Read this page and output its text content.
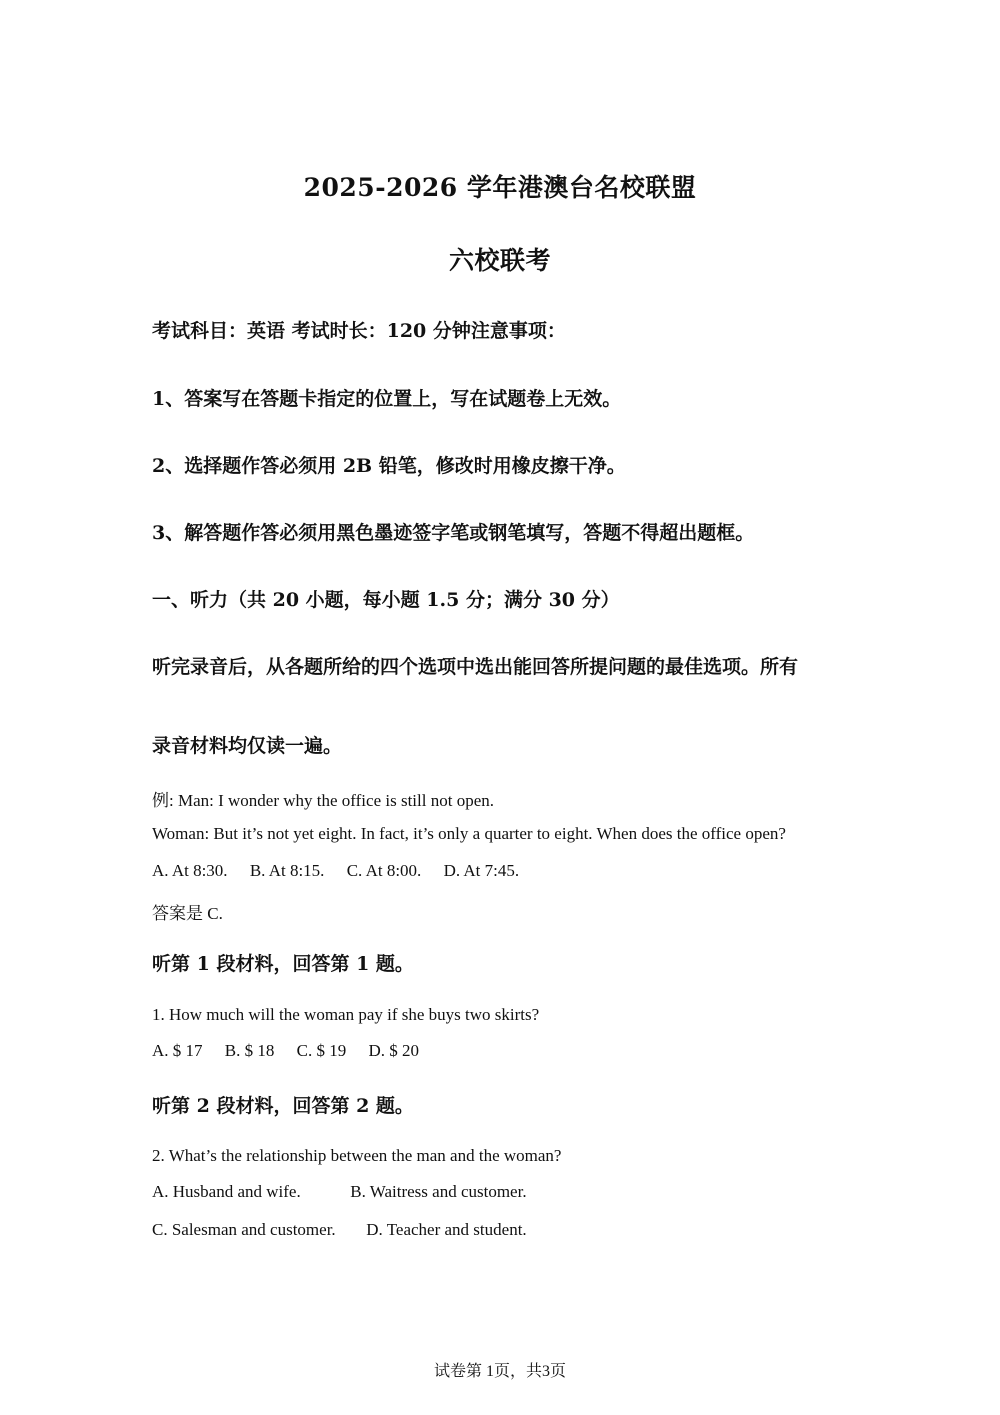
2025-2026 学年港澳台名校联盟
六校联考
考试科目：英语 考试时长：120 分钟注意事项：
1、答案写在答题卡指定的位置上，写在试题卷上无效。
2、选择题作答必须用 2B 铅笔，修改时用橡皮擦干净。
3、解答题作答必须用黑色墨迹签字笔或钢笔填写，答题不得超出题框。
一、听力（共 20 小题，每小题 1.5 分；满分 30 分）
听完录音后，从各题所给的四个选项中选出能回答所提问题的最佳选项。所有
录音材料均仅读一遍。
例: Man: I wonder why the office is still not open.
Woman: But it’s not yet eight. In fact, it’s only a quarter to eight. When does the office open?
A. At 8:30. B. At 8:15. C. At 8:00. D. At 7:45.
答案是 C.
听第 1 段材料，回答第 1 题。
1. How much will the woman pay if she buys two skirts?
A. $ 17 B. $ 18 C. $ 19 D. $ 20
听第 2 段材料，回答第 2 题。
2. What’s the relationship between the man and the woman?
A. Husband and wife.	B. Waitress and customer.
C. Salesman and customer. D. Teacher and student.
试卷第 1页，共3页
